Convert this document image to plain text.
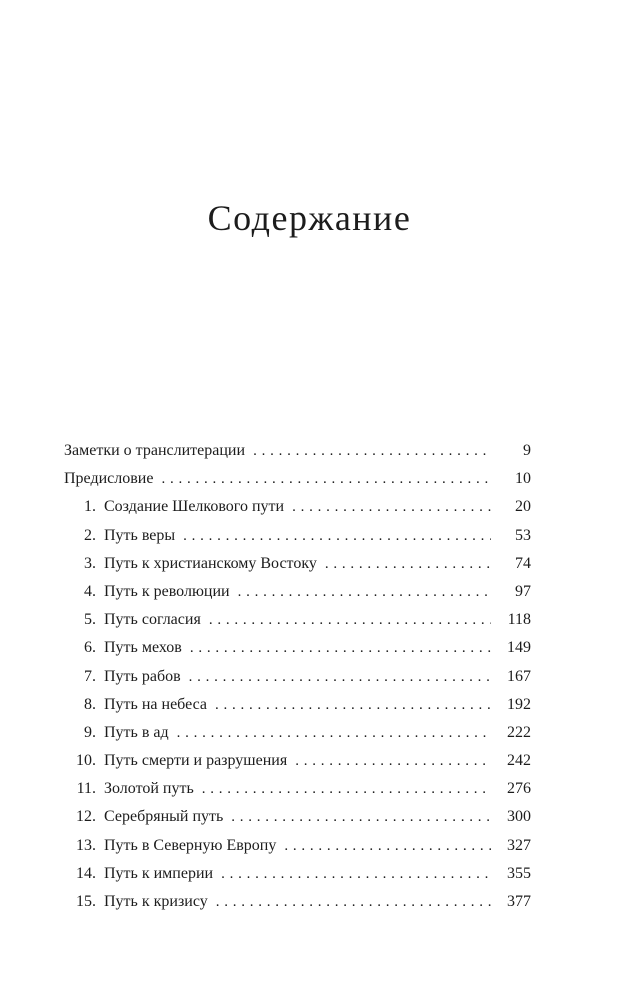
Содержание
Заметки о транслитерации . . .	9
Предисловие . . .	10
1. Создание Шелкового пути . . .	20
2. Путь веры . . .	53
3. Путь к христианскому Востоку . . .	74
4. Путь к революции . . .	97
5. Путь согласия . . .	118
6. Путь мехов . . .	149
7. Путь рабов . . .	167
8. Путь на небеса . . .	192
9. Путь в ад . . .	222
10. Путь смерти и разрушения . . .	242
11. Золотой путь . . .	276
12. Серебряный путь . . .	300
13. Путь в Северную Европу . . .	327
14. Путь к империи . . .	355
15. Путь к кризису . . .	377
